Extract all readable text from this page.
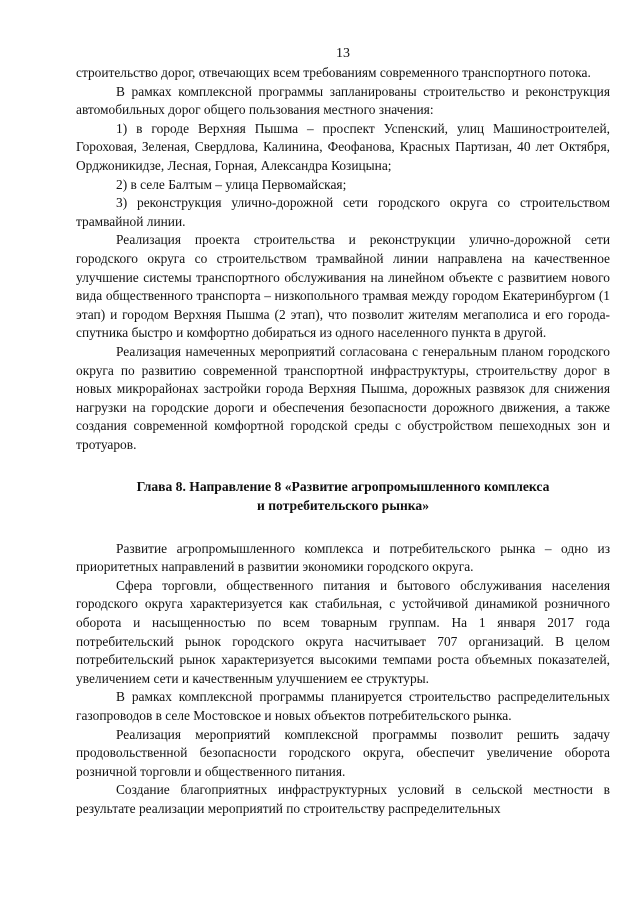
13

строительство дорог, отвечающих всем требованиям современного транспортного потока.

В рамках комплексной программы запланированы строительство и реконструкция автомобильных дорог общего пользования местного значения:

1) в городе Верхняя Пышма – проспект Успенский, улиц Машиностроителей, Гороховая, Зеленая, Свердлова, Калинина, Феофанова, Красных Партизан, 40 лет Октября, Орджоникидзе, Лесная, Горная, Александра Козицына;

2) в селе Балтым – улица Первомайская;

3) реконструкция улично-дорожной сети городского округа со строительством трамвайной линии.

Реализация проекта строительства и реконструкции улично-дорожной сети городского округа со строительством трамвайной линии направлена на качественное улучшение системы транспортного обслуживания на линейном объекте с развитием нового вида общественного транспорта – низкопольного трамвая между городом Екатеринбургом (1 этап) и городом Верхняя Пышма (2 этап), что позволит жителям мегаполиса и его города-спутника быстро и комфортно добираться из одного населенного пункта в другой.

Реализация намеченных мероприятий согласована с генеральным планом городского округа по развитию современной транспортной инфраструктуры, строительству дорог в новых микрорайонах застройки города Верхняя Пышма, дорожных развязок для снижения нагрузки на городские дороги и обеспечения безопасности дорожного движения, а также создания современной комфортной городской среды с обустройством пешеходных зон и тротуаров.

Глава 8. Направление 8 «Развитие агропромышленного комплекса
и потребительского рынка»

Развитие агропромышленного комплекса и потребительского рынка – одно из приоритетных направлений в развитии экономики городского округа.

Сфера торговли, общественного питания и бытового обслуживания населения городского округа характеризуется как стабильная, с устойчивой динамикой розничного оборота и насыщенностью по всем товарным группам. На 1 января 2017 года потребительский рынок городского округа насчитывает 707 организаций. В целом потребительский рынок характеризуется высокими темпами роста объемных показателей, увеличением сети и качественным улучшением ее структуры.

В рамках комплексной программы планируется строительство распределительных газопроводов в селе Мостовское и новых объектов потребительского рынка.

Реализация мероприятий комплексной программы позволит решить задачу продовольственной безопасности городского округа, обеспечит увеличение оборота розничной торговли и общественного питания.

Создание благоприятных инфраструктурных условий в сельской местности в результате реализации мероприятий по строительству распределительных
